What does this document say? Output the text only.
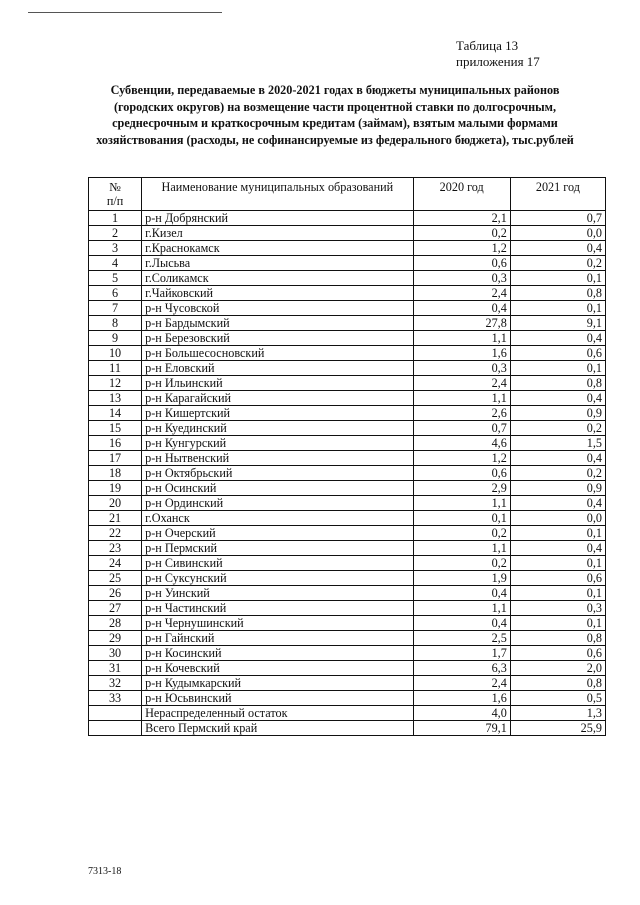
Таблица 13
приложения 17
Субвенции, передаваемые в 2020-2021 годах в бюджеты муниципальных районов
(городских округов) на возмещение части процентной ставки по долгосрочным,
среднесрочным и краткосрочным кредитам (займам), взятым малыми формами
хозяйствования (расходы, не софинансируемые из федерального бюджета), тыс.рублей
№
п/п	Наименование муниципальных образований	2020 год	2021 год
1	р-н Добрянский	2,1	0,7
2	г.Кизел	0,2	0,0
3	г.Краснокамск	1,2	0,4
4	г.Лысьва	0,6	0,2
5	г.Соликамск	0,3	0,1
6	г.Чайковский	2,4	0,8
7	р-н Чусовской	0,4	0,1
8	р-н Бардымский	27,8	9,1
9	р-н Березовский	1,1	0,4
10	р-н Большесосновский	1,6	0,6
11	р-н Еловский	0,3	0,1
12	р-н Ильинский	2,4	0,8
13	р-н Карагайский	1,1	0,4
14	р-н Кишертский	2,6	0,9
15	р-н Куединский	0,7	0,2
16	р-н Кунгурский	4,6	1,5
17	р-н Нытвенский	1,2	0,4
18	р-н Октябрьский	0,6	0,2
19	р-н Осинский	2,9	0,9
20	р-н Ординский	1,1	0,4
21	г.Оханск	0,1	0,0
22	р-н Очерский	0,2	0,1
23	р-н Пермский	1,1	0,4
24	р-н Сивинский	0,2	0,1
25	р-н Суксунский	1,9	0,6
26	р-н Уинский	0,4	0,1
27	р-н Частинский	1,1	0,3
28	р-н Чернушинский	0,4	0,1
29	р-н Гайнский	2,5	0,8
30	р-н Косинский	1,7	0,6
31	р-н Кочевский	6,3	2,0
32	р-н Кудымкарский	2,4	0,8
33	р-н Юсьвинский	1,6	0,5
	Нераспределенный остаток	4,0	1,3
	Всего Пермский край	79,1	25,9
7313-18
